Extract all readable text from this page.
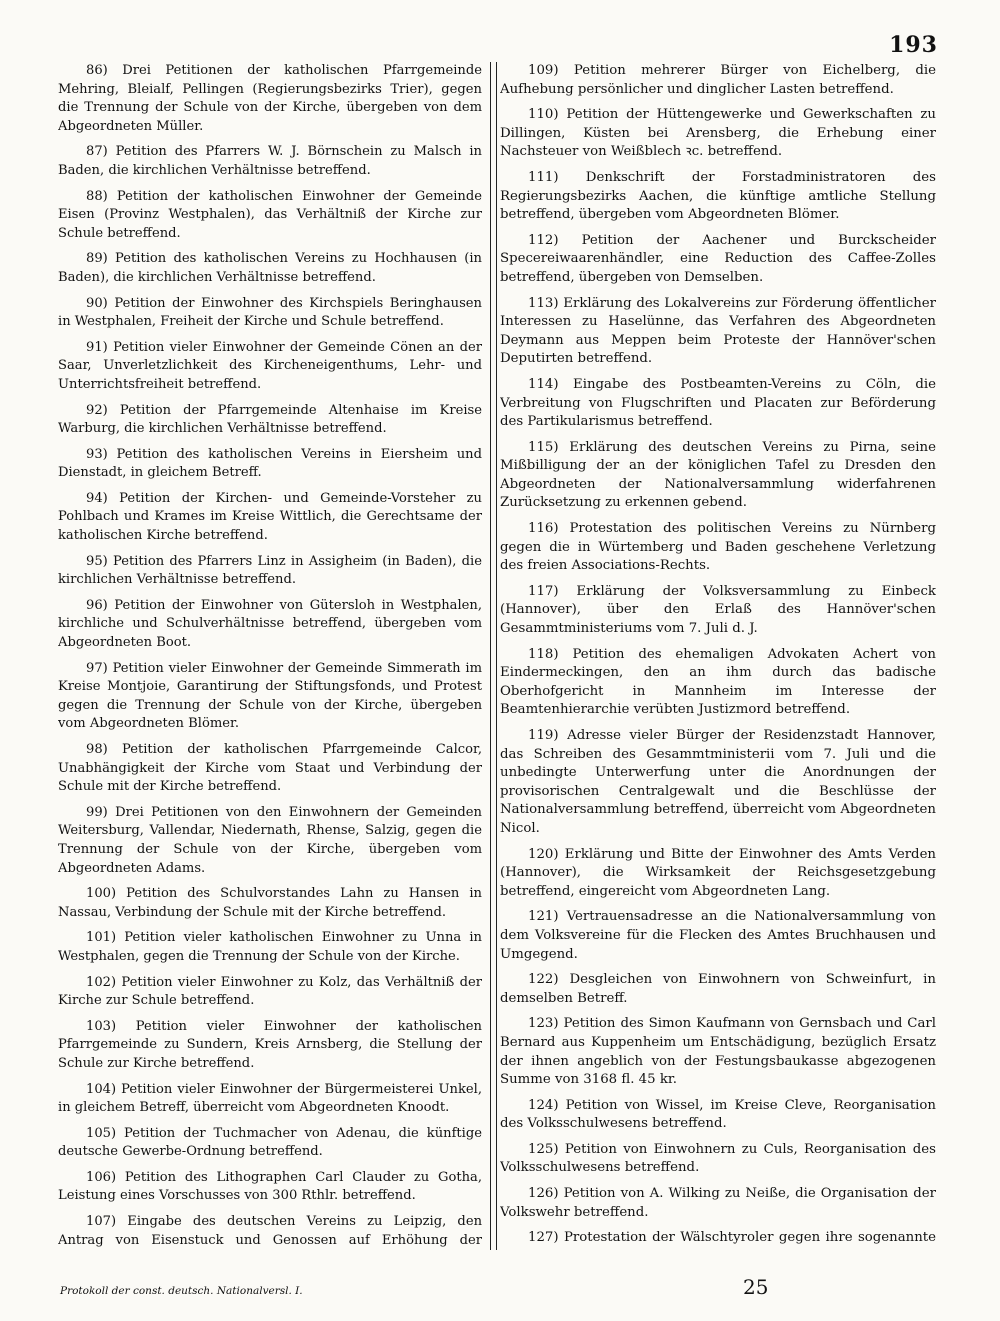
193

86) Drei Petitionen der katholischen Pfarrgemeinde Mehring, Bleialf, Pellingen (Regierungsbezirks Trier), gegen die Trennung der Schule von der Kirche, übergeben von dem Abgeordneten Müller.

87) Petition des Pfarrers W. J. Börnschein zu Malsch in Baden, die kirchlichen Verhältnisse betreffend.

88) Petition der katholischen Einwohner der Gemeinde Eisen (Provinz Westphalen), das Verhältniß der Kirche zur Schule betreffend.

89) Petition des katholischen Vereins zu Hochhausen (in Baden), die kirchlichen Verhältnisse betreffend.

90) Petition der Einwohner des Kirchspiels Beringhausen in Westphalen, Freiheit der Kirche und Schule betreffend.

91) Petition vieler Einwohner der Gemeinde Cönen an der Saar, Unverletzlichkeit des Kircheneigenthums, Lehr- und Unterrichtsfreiheit betreffend.

92) Petition der Pfarrgemeinde Altenhaise im Kreise Warburg, die kirchlichen Verhältnisse betreffend.

93) Petition des katholischen Vereins in Eiersheim und Dienstadt, in gleichem Betreff.

94) Petition der Kirchen- und Gemeinde-Vorsteher zu Pohlbach und Krames im Kreise Wittlich, die Gerechtsame der katholischen Kirche betreffend.

95) Petition des Pfarrers Linz in Assigheim (in Baden), die kirchlichen Verhältnisse betreffend.

96) Petition der Einwohner von Gütersloh in Westphalen, kirchliche und Schulverhältnisse betreffend, übergeben vom Abgeordneten Boot.

97) Petition vieler Einwohner der Gemeinde Simmerath im Kreise Montjoie, Garantirung der Stiftungsfonds, und Protest gegen die Trennung der Schule von der Kirche, übergeben vom Abgeordneten Blömer.

98) Petition der katholischen Pfarrgemeinde Calcor, Unabhängigkeit der Kirche vom Staat und Verbindung der Schule mit der Kirche betreffend.

99) Drei Petitionen von den Einwohnern der Gemeinden Weitersburg, Vallendar, Niedernath, Rhense, Salzig, gegen die Trennung der Schule von der Kirche, übergeben vom Abgeordneten Adams.

100) Petition des Schulvorstandes Lahn zu Hansen in Nassau, Verbindung der Schule mit der Kirche betreffend.

101) Petition vieler katholischen Einwohner zu Unna in Westphalen, gegen die Trennung der Schule von der Kirche.

102) Petition vieler Einwohner zu Kolz, das Verhältniß der Kirche zur Schule betreffend.

103) Petition vieler Einwohner der katholischen Pfarrgemeinde zu Sundern, Kreis Arnsberg, die Stellung der Schule zur Kirche betreffend.

104) Petition vieler Einwohner der Bürgermeisterei Unkel, in gleichem Betreff, überreicht vom Abgeordneten Knoodt.

105) Petition der Tuchmacher von Adenau, die künftige deutsche Gewerbe-Ordnung betreffend.

106) Petition des Lithographen Carl Clauder zu Gotha, Leistung eines Vorschusses von 300 Rthlr. betreffend.

107) Eingabe des deutschen Vereins zu Leipzig, den Antrag von Eisenstuck und Genossen auf Erhöhung der

109) Petition mehrerer Bürger von Eichelberg, die Aufhebung persönlicher und dinglicher Lasten betreffend.

110) Petition der Hüttengewerke und Gewerkschaften zu Dillingen, Küsten bei Arensberg, die Erhebung einer Nachsteuer von Weißblech ꝛc. betreffend.

111) Denkschrift der Forstadministratoren des Regierungsbezirks Aachen, die künftige amtliche Stellung betreffend, übergeben vom Abgeordneten Blömer.

112) Petition der Aachener und Burckscheider Specereiwaarenhändler, eine Reduction des Caffee-Zolles betreffend, übergeben von Demselben.

113) Erklärung des Lokalvereins zur Förderung öffentlicher Interessen zu Haselünne, das Verfahren des Abgeordneten Deymann aus Meppen beim Proteste der Hannöver'schen Deputirten betreffend.

114) Eingabe des Postbeamten-Vereins zu Cöln, die Verbreitung von Flugschriften und Placaten zur Beförderung des Partikularismus betreffend.

115) Erklärung des deutschen Vereins zu Pirna, seine Mißbilligung der an der königlichen Tafel zu Dresden den Abgeordneten der Nationalversammlung widerfahrenen Zurücksetzung zu erkennen gebend.

116) Protestation des politischen Vereins zu Nürnberg gegen die in Würtemberg und Baden geschehene Verletzung des freien Associations-Rechts.

117) Erklärung der Volksversammlung zu Einbeck (Hannover), über den Erlaß des Hannöver'schen Gesammtministeriums vom 7. Juli d. J.

118) Petition des ehemaligen Advokaten Achert von Eindermeckingen, den an ihm durch das badische Oberhofgericht in Mannheim im Interesse der Beamtenhierarchie verübten Justizmord betreffend.

119) Adresse vieler Bürger der Residenzstadt Hannover, das Schreiben des Gesammtministerii vom 7. Juli und die unbedingte Unterwerfung unter die Anordnungen der provisorischen Centralgewalt und die Beschlüsse der Nationalversammlung betreffend, überreicht vom Abgeordneten Nicol.

120) Erklärung und Bitte der Einwohner des Amts Verden (Hannover), die Wirksamkeit der Reichsgesetzgebung betreffend, eingereicht vom Abgeordneten Lang.

121) Vertrauensadresse an die Nationalversammlung von dem Volksvereine für die Flecken des Amtes Bruchhausen und Umgegend.

122) Desgleichen von Einwohnern von Schweinfurt, in demselben Betreff.

123) Petition des Simon Kaufmann von Gernsbach und Carl Bernard aus Kuppenheim um Entschädigung, bezüglich Ersatz der ihnen angeblich von der Festungsbaukasse abgezogenen Summe von 3168 fl. 45 kr.

124) Petition von Wissel, im Kreise Cleve, Reorganisation des Volksschulwesens betreffend.

125) Petition von Einwohnern zu Culs, Reorganisation des Volksschulwesens betreffend.

126) Petition von A. Wilking zu Neiße, die Organisation der Volkswehr betreffend.

127) Protestation der Wälschtyroler gegen ihre sogenannte

Protokoll der const. deutsch. Nationalversl. I.	25
